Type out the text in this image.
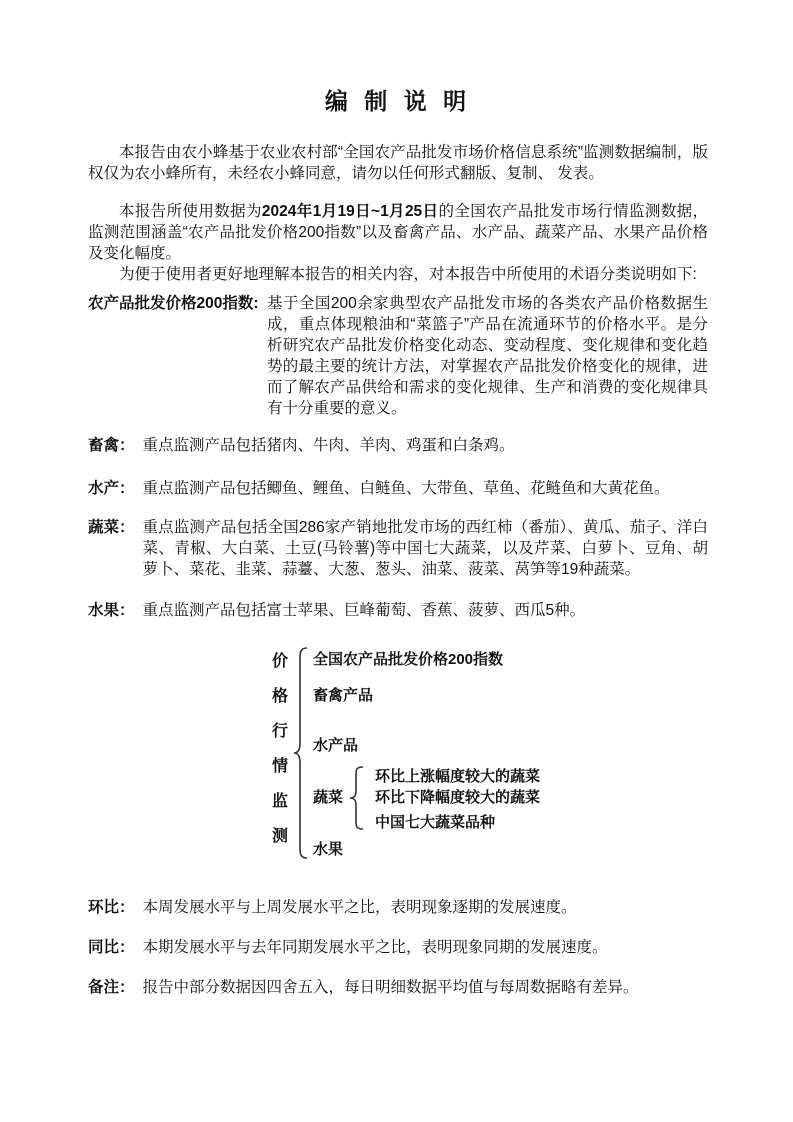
编 制 说 明

本报告由农小蜂基于农业农村部“全国农产品批发市场价格信息系统”监测数据编制，版权仅为农小蜂所有，未经农小蜂同意，请勿以任何形式翻版、复制、 发表。

本报告所使用数据为2024年1月19日~1月25日的全国农产品批发市场行情监测数据，监测范围涵盖“农产品批发价格200指数”以及畜禽产品、水产品、蔬菜产品、水果产品价格及变化幅度。

为便于使用者更好地理解本报告的相关内容，对本报告中所使用的术语分类说明如下:

农产品批发价格200指数: 基于全国200余家典型农产品批发市场的各类农产品价格数据生成，重点体现粮油和“菜篮子”产品在流通环节的价格水平。是分析研究农产品批发价格变化动态、变动程度、变化规律和变化趋势的最主要的统计方法，对掌握农产品批发价格变化的规律，进而了解农产品供给和需求的变化规律、生产和消费的变化规律具有十分重要的意义。
畜禽： 重点监测产品包括猪肉、牛肉、羊肉、鸡蛋和白条鸡。
水产： 重点监测产品包括鲫鱼、鲤鱼、白鲢鱼、大带鱼、草鱼、花鲢鱼和大黄花鱼。
蔬菜： 重点监测产品包括全国286家产销地批发市场的西红柿（番茄）、黄瓜、茄子、洋白菜、青椒、大白菜、土豆(马铃薯)等中国七大蔬菜，以及芹菜、白萝卜、豆角、胡萝卜、菜花、韭菜、蒜薹、大葱、葱头、油菜、菠菜、莴笋等19种蔬菜。
水果： 重点监测产品包括富士苹果、巨峰葡萄、香蕉、菠萝、西瓜5种。
价
格
行
情
监
测
全国农产品批发价格200指数
畜禽产品
水产品
蔬菜
水果
环比上涨幅度较大的蔬菜
环比下降幅度较大的蔬菜
中国七大蔬菜品种
环比： 本周发展水平与上周发展水平之比，表明现象逐期的发展速度。
同比： 本期发展水平与去年同期发展水平之比，表明现象同期的发展速度。
备注： 报告中部分数据因四舍五入，每日明细数据平均值与每周数据略有差异。
